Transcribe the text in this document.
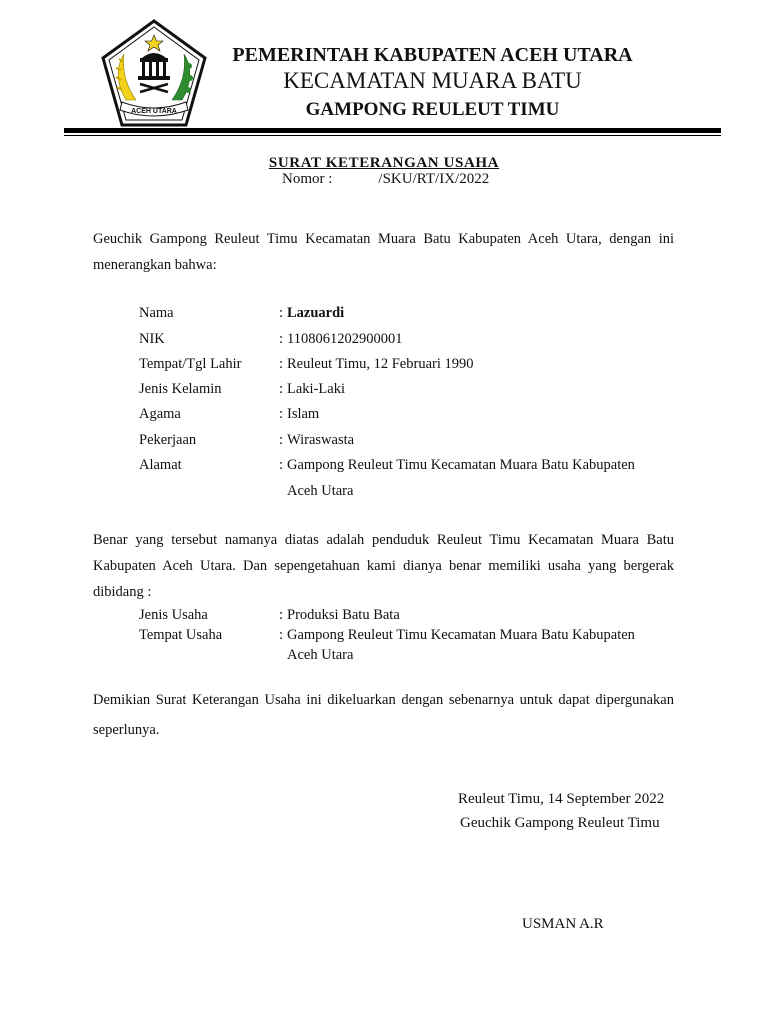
ACEH UTARA
PEMERINTAH KABUPATEN ACEH UTARA
KECAMATAN MUARA BATU
GAMPONG REULEUT TIMU
SURAT KETERANGAN USAHA
Nomor :	/SKU/RT/IX/2022
Geuchik Gampong Reuleut Timu Kecamatan Muara Batu Kabupaten Aceh Utara, dengan ini menerangkan bahwa:
Nama	: Lazuardi
NIK	: 1108061202900001
Tempat/Tgl Lahir	: Reuleut Timu, 12 Februari 1990
Jenis Kelamin	: Laki-Laki
Agama	: Islam
Pekerjaan	: Wiraswasta
Alamat	: Gampong Reuleut Timu Kecamatan Muara Batu Kabupaten
Aceh Utara
Benar yang tersebut namanya diatas adalah penduduk Reuleut Timu Kecamatan Muara Batu Kabupaten Aceh Utara. Dan sepengetahuan kami dianya benar memiliki usaha yang bergerak dibidang :
Jenis Usaha	: Produksi Batu Bata
Tempat Usaha	: Gampong Reuleut Timu Kecamatan Muara Batu Kabupaten
Aceh Utara
Demikian Surat Keterangan Usaha ini dikeluarkan dengan sebenarnya untuk dapat dipergunakan seperlunya.
Reuleut Timu, 14 September 2022
Geuchik Gampong Reuleut Timu
USMAN A.R
